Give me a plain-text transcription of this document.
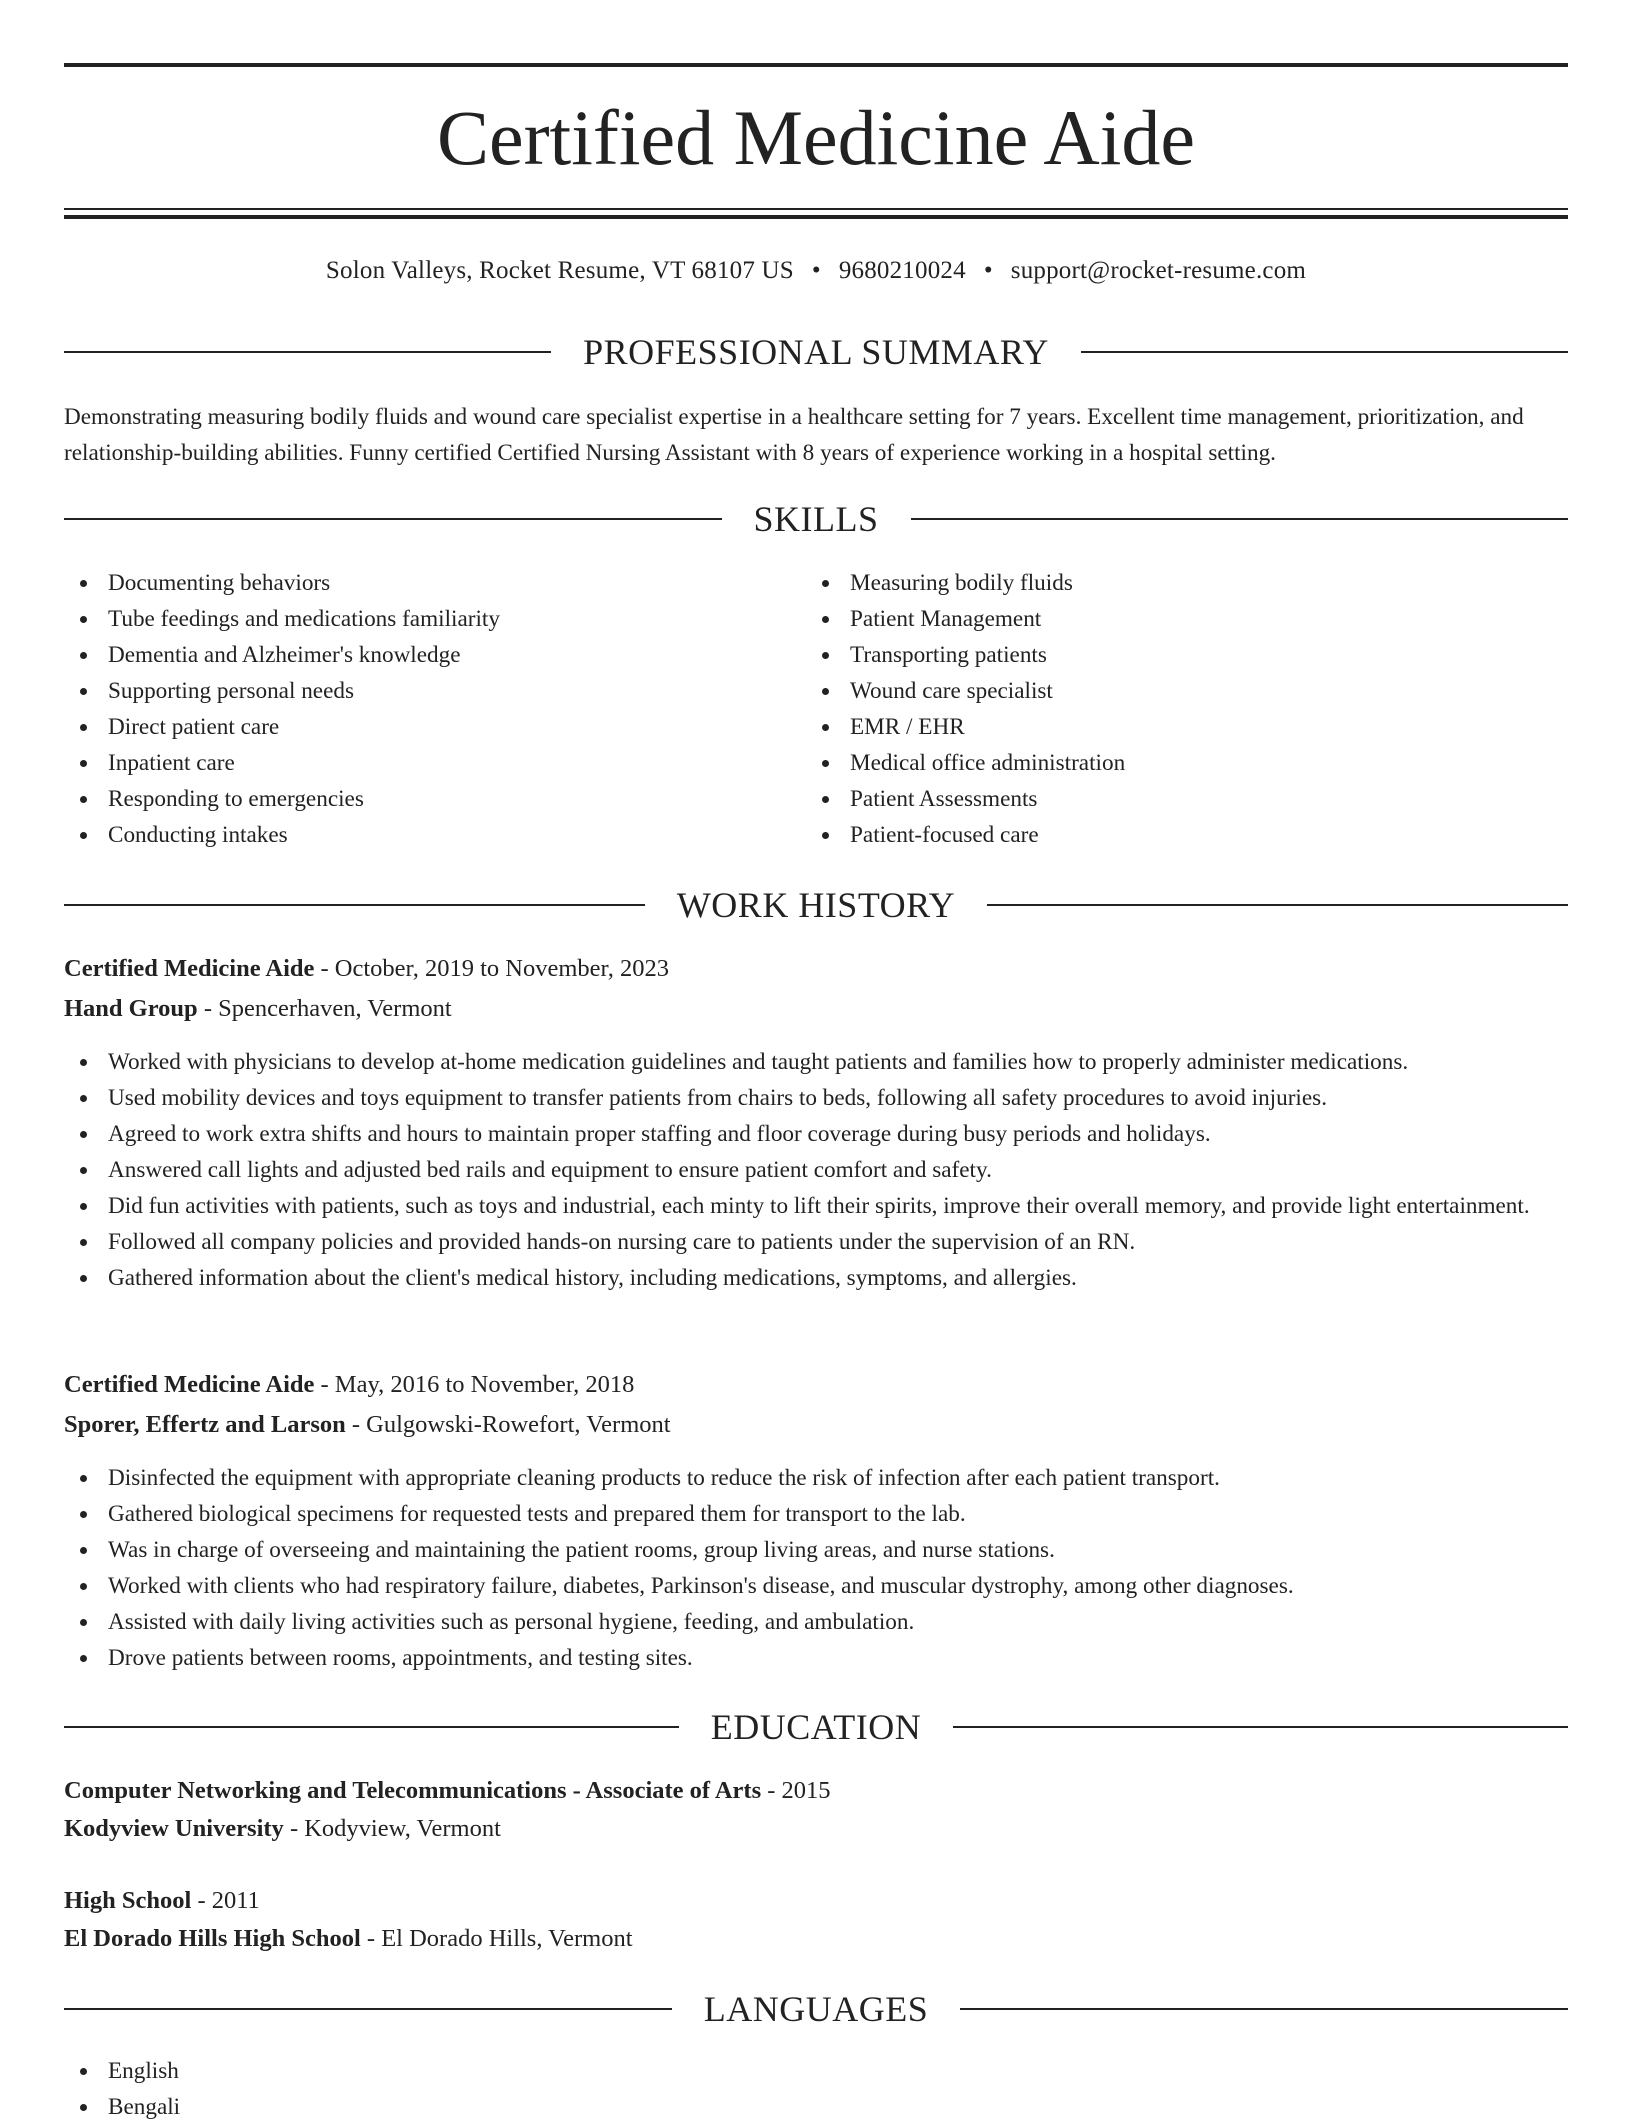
Certified Medicine Aide
Solon Valleys, Rocket Resume, VT 68107 US • 9680210024 • support@rocket-resume.com
PROFESSIONAL SUMMARY
Demonstrating measuring bodily fluids and wound care specialist expertise in a healthcare setting for 7 years. Excellent time management, prioritization, and relationship-building abilities. Funny certified Certified Nursing Assistant with 8 years of experience working in a hospital setting.
SKILLS
Documenting behaviors
Tube feedings and medications familiarity
Dementia and Alzheimer's knowledge
Supporting personal needs
Direct patient care
Inpatient care
Responding to emergencies
Conducting intakes
Measuring bodily fluids
Patient Management
Transporting patients
Wound care specialist
EMR / EHR
Medical office administration
Patient Assessments
Patient-focused care
WORK HISTORY
Certified Medicine Aide - October, 2019 to November, 2023
Hand Group - Spencerhaven, Vermont
Worked with physicians to develop at-home medication guidelines and taught patients and families how to properly administer medications.
Used mobility devices and toys equipment to transfer patients from chairs to beds, following all safety procedures to avoid injuries.
Agreed to work extra shifts and hours to maintain proper staffing and floor coverage during busy periods and holidays.
Answered call lights and adjusted bed rails and equipment to ensure patient comfort and safety.
Did fun activities with patients, such as toys and industrial, each minty to lift their spirits, improve their overall memory, and provide light entertainment.
Followed all company policies and provided hands-on nursing care to patients under the supervision of an RN.
Gathered information about the client's medical history, including medications, symptoms, and allergies.
Certified Medicine Aide - May, 2016 to November, 2018
Sporer, Effertz and Larson - Gulgowski-Rowefort, Vermont
Disinfected the equipment with appropriate cleaning products to reduce the risk of infection after each patient transport.
Gathered biological specimens for requested tests and prepared them for transport to the lab.
Was in charge of overseeing and maintaining the patient rooms, group living areas, and nurse stations.
Worked with clients who had respiratory failure, diabetes, Parkinson's disease, and muscular dystrophy, among other diagnoses.
Assisted with daily living activities such as personal hygiene, feeding, and ambulation.
Drove patients between rooms, appointments, and testing sites.
EDUCATION
Computer Networking and Telecommunications - Associate of Arts - 2015
Kodyview University - Kodyview, Vermont
High School - 2011
El Dorado Hills High School - El Dorado Hills, Vermont
LANGUAGES
English
Bengali
